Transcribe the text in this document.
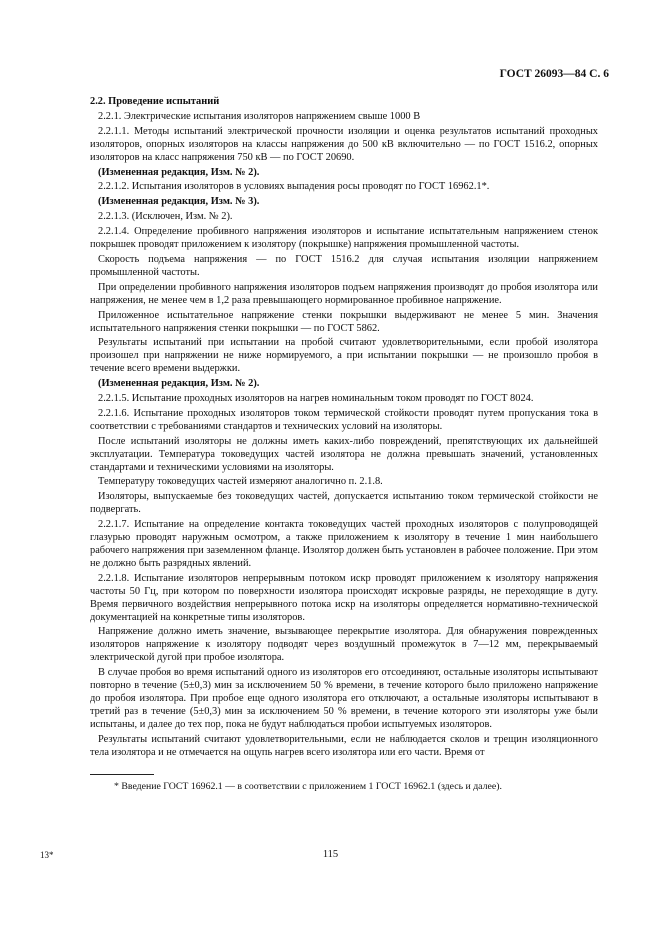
ГОСТ 26093—84 С. 6

2.2. Проведение испытаний

2.2.1. Электрические испытания изоляторов напряжением свыше 1000 В

2.2.1.1. Методы испытаний электрической прочности изоляции и оценка результатов испытаний проходных изоляторов, опорных изоляторов на классы напряжения до 500 кВ включительно — по ГОСТ 1516.2, опорных изоляторов на класс напряжения 750 кВ — по ГОСТ 20690.

(Измененная редакция, Изм. № 2).

2.2.1.2. Испытания изоляторов в условиях выпадения росы проводят по ГОСТ 16962.1*.

(Измененная редакция, Изм. № 3).

2.2.1.3. (Исключен, Изм. № 2).

2.2.1.4. Определение пробивного напряжения изоляторов и испытание испытательным напряжением стенок покрышек проводят приложением к изолятору (покрышке) напряжения промышленной частоты.

Скорость подъема напряжения — по ГОСТ 1516.2 для случая испытания изоляции напряжением промышленной частоты.

При определении пробивного напряжения изоляторов подъем напряжения производят до пробоя изолятора или напряжения, не менее чем в 1,2 раза превышающего нормированное пробивное напряжение.

Приложенное испытательное напряжение стенки покрышки выдерживают не менее 5 мин. Значения испытательного напряжения стенки покрышки — по ГОСТ 5862.

Результаты испытаний при испытании на пробой считают удовлетворительными, если пробой изолятора произошел при напряжении не ниже нормируемого, а при испытании покрышки — не произошло пробоя в течение всего времени выдержки.

(Измененная редакция, Изм. № 2).

2.2.1.5. Испытание проходных изоляторов на нагрев номинальным током проводят по ГОСТ 8024.

2.2.1.6. Испытание проходных изоляторов током термической стойкости проводят путем пропускания тока в соответствии с требованиями стандартов и технических условий на изоляторы.

После испытаний изоляторы не должны иметь каких-либо повреждений, препятствующих их дальнейшей эксплуатации. Температура токоведущих частей изолятора не должна превышать значений, установленных стандартами и техническими условиями на изоляторы.

Температуру токоведущих частей измеряют аналогично п. 2.1.8.

Изоляторы, выпускаемые без токоведущих частей, допускается испытанию током термической стойкости не подвергать.

2.2.1.7. Испытание на определение контакта токоведущих частей проходных изоляторов с полупроводящей глазурью проводят наружным осмотром, а также приложением к изолятору в течение 1 мин наибольшего рабочего напряжения при заземленном фланце. Изолятор должен быть установлен в рабочее положение. При этом не должно быть разрядных явлений.

2.2.1.8. Испытание изоляторов непрерывным потоком искр проводят приложением к изолятору напряжения частоты 50 Гц, при котором по поверхности изолятора происходят искровые разряды, не переходящие в дугу. Время первичного воздействия непрерывного потока искр на изоляторы определяется нормативно-технической документацией на конкретные типы изоляторов.

Напряжение должно иметь значение, вызывающее перекрытие изолятора. Для обнаружения поврежденных изоляторов напряжение к изолятору подводят через воздушный промежуток в 7—12 мм, перекрываемый электрической дугой при пробое изолятора.

В случае пробоя во время испытаний одного из изоляторов его отсоединяют, остальные изоляторы испытывают повторно в течение (5±0,3) мин за исключением 50 % времени, в течение которого было приложено напряжение до пробоя изолятора. При пробое еще одного изолятора его отключают, а остальные изоляторы испытывают в третий раз в течение (5±0,3) мин за исключением 50 % времени, в течение которого эти изоляторы уже были испытаны, и далее до тех пор, пока не будут наблюдаться пробои испытуемых изоляторов.

Результаты испытаний считают удовлетворительными, если не наблюдается сколов и трещин изоляционного тела изолятора и не отмечается на ощупь нагрев всего изолятора или его части. Время от

* Введение ГОСТ 16962.1 — в соответствии с приложением 1 ГОСТ 16962.1 (здесь и далее).
13*	115
